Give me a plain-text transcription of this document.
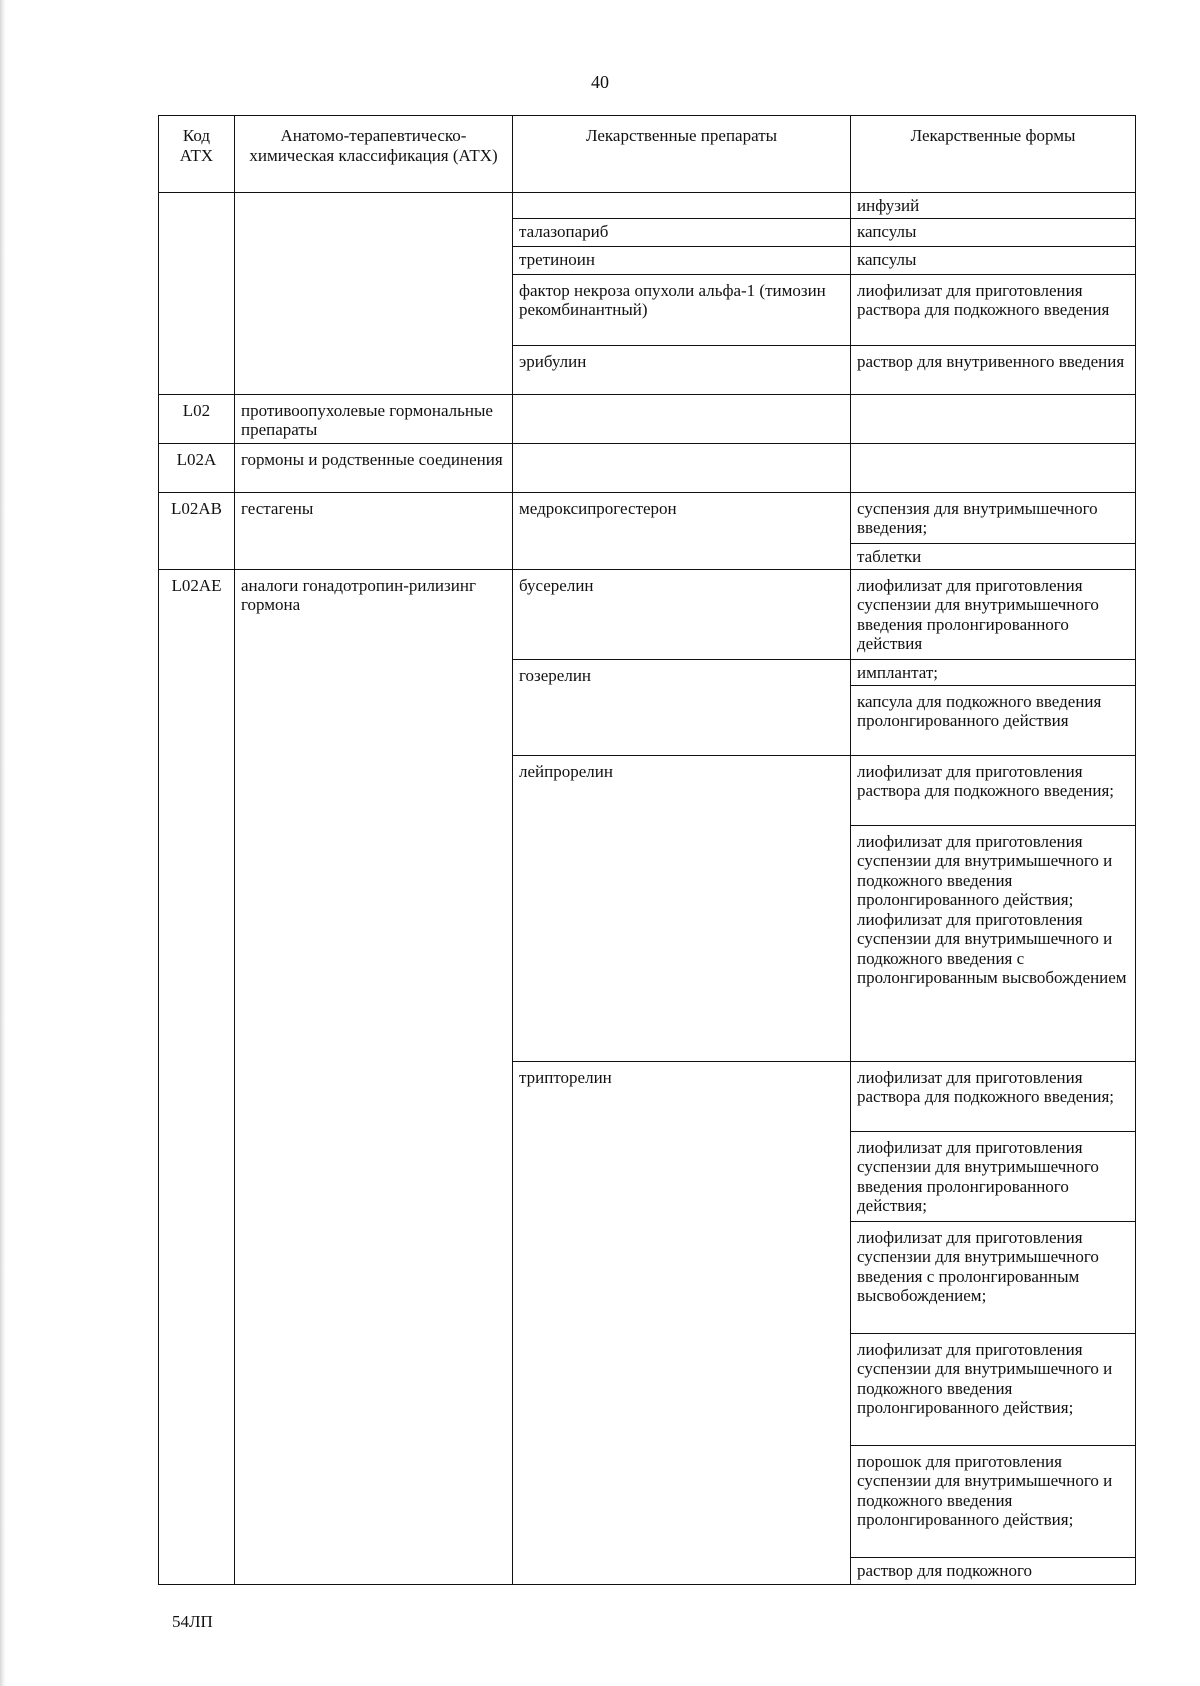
40
Код АТХ	Анатомо-терапевтическо-химическая классификация (АТХ)	Лекарственные препараты	Лекарственные формы
			инфузий
		талазопариб	капсулы
		третиноин	капсулы
		фактор некроза опухоли альфа-1 (тимозин рекомбинантный)	лиофилизат для приготовления раствора для подкожного введения
		эрибулин	раствор для внутривенного введения
L02	противоопухолевые гормональные препараты		
L02A	гормоны и родственные соединения		
L02AB	гестагены	медроксипрогестерон	суспензия для внутримышечного введения;
			таблетки
L02AE	аналоги гонадотропин-рилизинг гормона	бусерелин	лиофилизат для приготовления суспензии для внутримышечного введения пролонгированного действия
		гозерелин	имплантат;
			капсула для подкожного введения пролонгированного действия
		лейпрорелин	лиофилизат для приготовления раствора для подкожного введения;
			лиофилизат для приготовления суспензии для внутримышечного и подкожного введения пролонгированного действия; лиофилизат для приготовления суспензии для внутримышечного и подкожного введения с пролонгированным высвобождением
		трипторелин	лиофилизат для приготовления раствора для подкожного введения;
			лиофилизат для приготовления суспензии для внутримышечного введения пролонгированного действия;
			лиофилизат для приготовления суспензии для внутримышечного введения с пролонгированным высвобождением;
			лиофилизат для приготовления суспензии для внутримышечного и подкожного введения пролонгированного действия;
			порошок для приготовления суспензии для внутримышечного и подкожного введения пролонгированного действия;
			раствор для подкожного
54ЛП
